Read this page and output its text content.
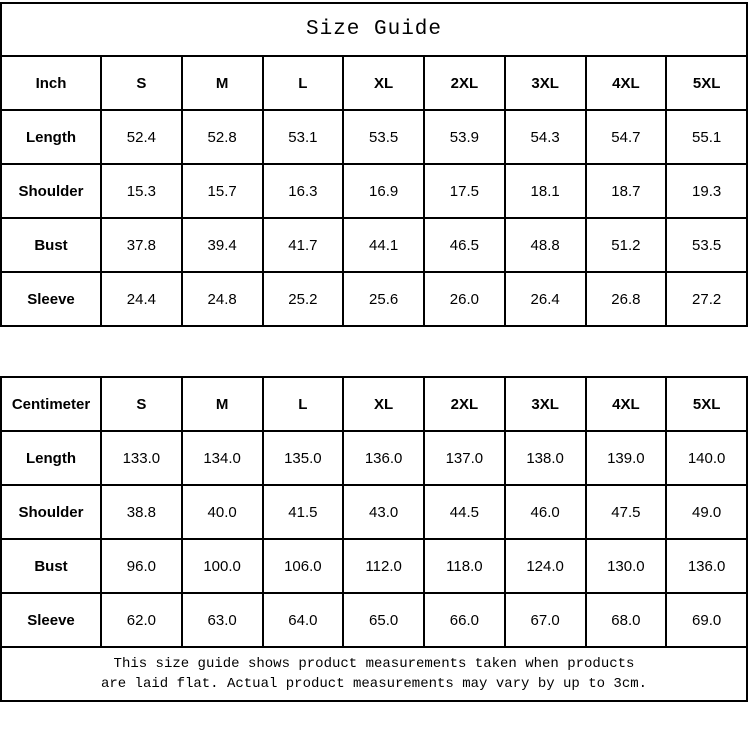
Size Guide
Inch	S	M	L	XL	2XL	3XL	4XL	5XL
Length	52.4	52.8	53.1	53.5	53.9	54.3	54.7	55.1
Shoulder	15.3	15.7	16.3	16.9	17.5	18.1	18.7	19.3
Bust	37.8	39.4	41.7	44.1	46.5	48.8	51.2	53.5
Sleeve	24.4	24.8	25.2	25.6	26.0	26.4	26.8	27.2
Centimeter	S	M	L	XL	2XL	3XL	4XL	5XL
Length	133.0	134.0	135.0	136.0	137.0	138.0	139.0	140.0
Shoulder	38.8	40.0	41.5	43.0	44.5	46.0	47.5	49.0
Bust	96.0	100.0	106.0	112.0	118.0	124.0	130.0	136.0
Sleeve	62.0	63.0	64.0	65.0	66.0	67.0	68.0	69.0
This size guide shows product measurements taken when products
are laid flat. Actual product measurements may vary by up to 3cm.
